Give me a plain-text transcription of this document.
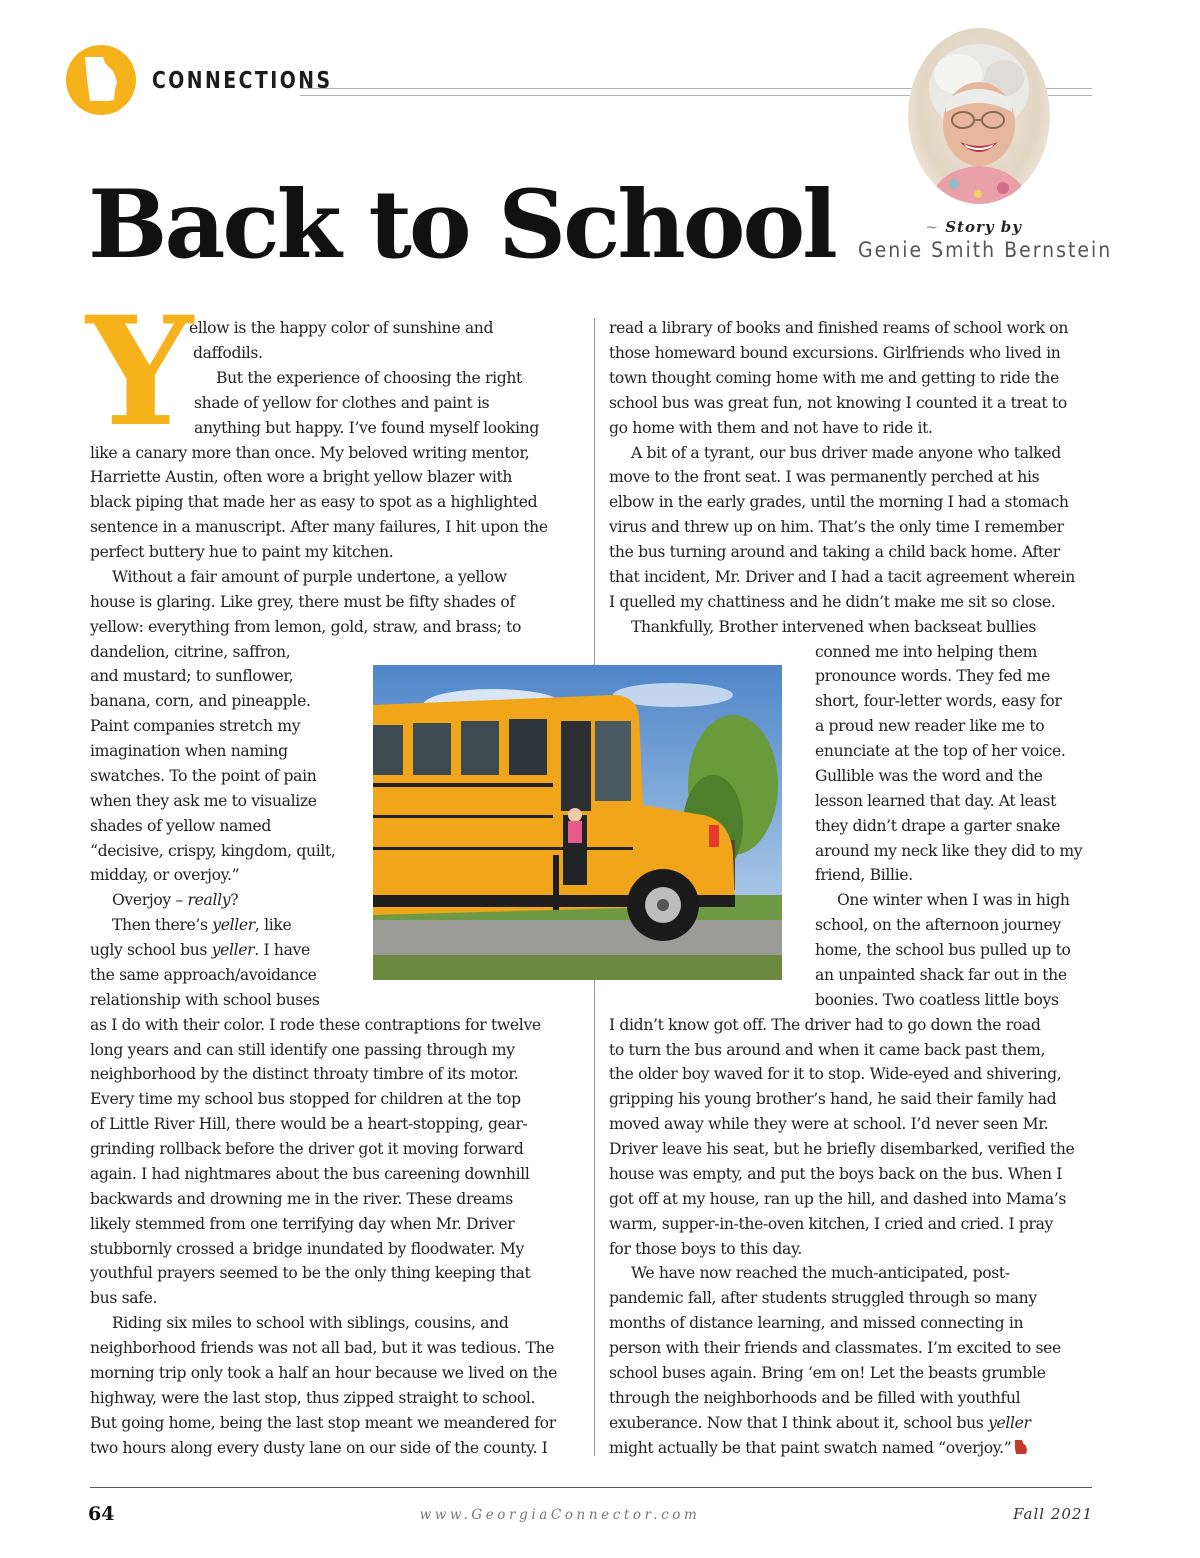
CONNECTIONS
Back to School	~ Story by
Genie Smith Bernstein
Y
ellow is the happy color of sunshine and
daffodils.
But the experience of choosing the right
shade of yellow for clothes and paint is
anything but happy. I’ve found myself looking
like a canary more than once. My beloved writing mentor,
Harriette Austin, often wore a bright yellow blazer with
black piping that made her as easy to spot as a highlighted
sentence in a manuscript. After many failures, I hit upon the
perfect buttery hue to paint my kitchen.
Without a fair amount of purple undertone, a yellow
house is glaring. Like grey, there must be fifty shades of
yellow: everything from lemon, gold, straw, and brass; to
dandelion, citrine, saffron,
and mustard; to sunflower,
banana, corn, and pineapple.
Paint companies stretch my
imagination when naming
swatches. To the point of pain
when they ask me to visualize
shades of yellow named
“decisive, crispy, kingdom, quilt,
midday, or overjoy.”
Overjoy – really?
Then there’s yeller, like
ugly school bus yeller. I have
the same approach/avoidance
relationship with school buses
as I do with their color. I rode these contraptions for twelve
long years and can still identify one passing through my
neighborhood by the distinct throaty timbre of its motor.
Every time my school bus stopped for children at the top
of Little River Hill, there would be a heart-stopping, gear-
grinding rollback before the driver got it moving forward
again. I had nightmares about the bus careening downhill
backwards and drowning me in the river. These dreams
likely stemmed from one terrifying day when Mr. Driver
stubbornly crossed a bridge inundated by floodwater. My
youthful prayers seemed to be the only thing keeping that
bus safe.
Riding six miles to school with siblings, cousins, and
neighborhood friends was not all bad, but it was tedious. The
morning trip only took a half an hour because we lived on the
highway, were the last stop, thus zipped straight to school.
But going home, being the last stop meant we meandered for
two hours along every dusty lane on our side of the county. I
read a library of books and finished reams of school work on
those homeward bound excursions. Girlfriends who lived in
town thought coming home with me and getting to ride the
school bus was great fun, not knowing I counted it a treat to
go home with them and not have to ride it.
A bit of a tyrant, our bus driver made anyone who talked
move to the front seat. I was permanently perched at his
elbow in the early grades, until the morning I had a stomach
virus and threw up on him. That’s the only time I remember
the bus turning around and taking a child back home. After
that incident, Mr. Driver and I had a tacit agreement wherein
I quelled my chattiness and he didn’t make me sit so close.
Thankfully, Brother intervened when backseat bullies
conned me into helping them
pronounce words. They fed me
short, four-letter words, easy for
a proud new reader like me to
enunciate at the top of her voice.
Gullible was the word and the
lesson learned that day. At least
they didn’t drape a garter snake
around my neck like they did to my
friend, Billie.
One winter when I was in high
school, on the afternoon journey
home, the school bus pulled up to
an unpainted shack far out in the
boonies. Two coatless little boys
I didn’t know got off. The driver had to go down the road
to turn the bus around and when it came back past them,
the older boy waved for it to stop. Wide-eyed and shivering,
gripping his young brother’s hand, he said their family had
moved away while they were at school. I’d never seen Mr.
Driver leave his seat, but he briefly disembarked, verified the
house was empty, and put the boys back on the bus. When I
got off at my house, ran up the hill, and dashed into Mama’s
warm, supper-in-the-oven kitchen, I cried and cried. I pray
for those boys to this day.
We have now reached the much-anticipated, post-
pandemic fall, after students struggled through so many
months of distance learning, and missed connecting in
person with their friends and classmates. I’m excited to see
school buses again. Bring ‘em on! Let the beasts grumble
through the neighborhoods and be filled with youthful
exuberance. Now that I think about it, school bus yeller
might actually be that paint swatch named “overjoy.”
64	www.GeorgiaConnector.com	Fall 2021
